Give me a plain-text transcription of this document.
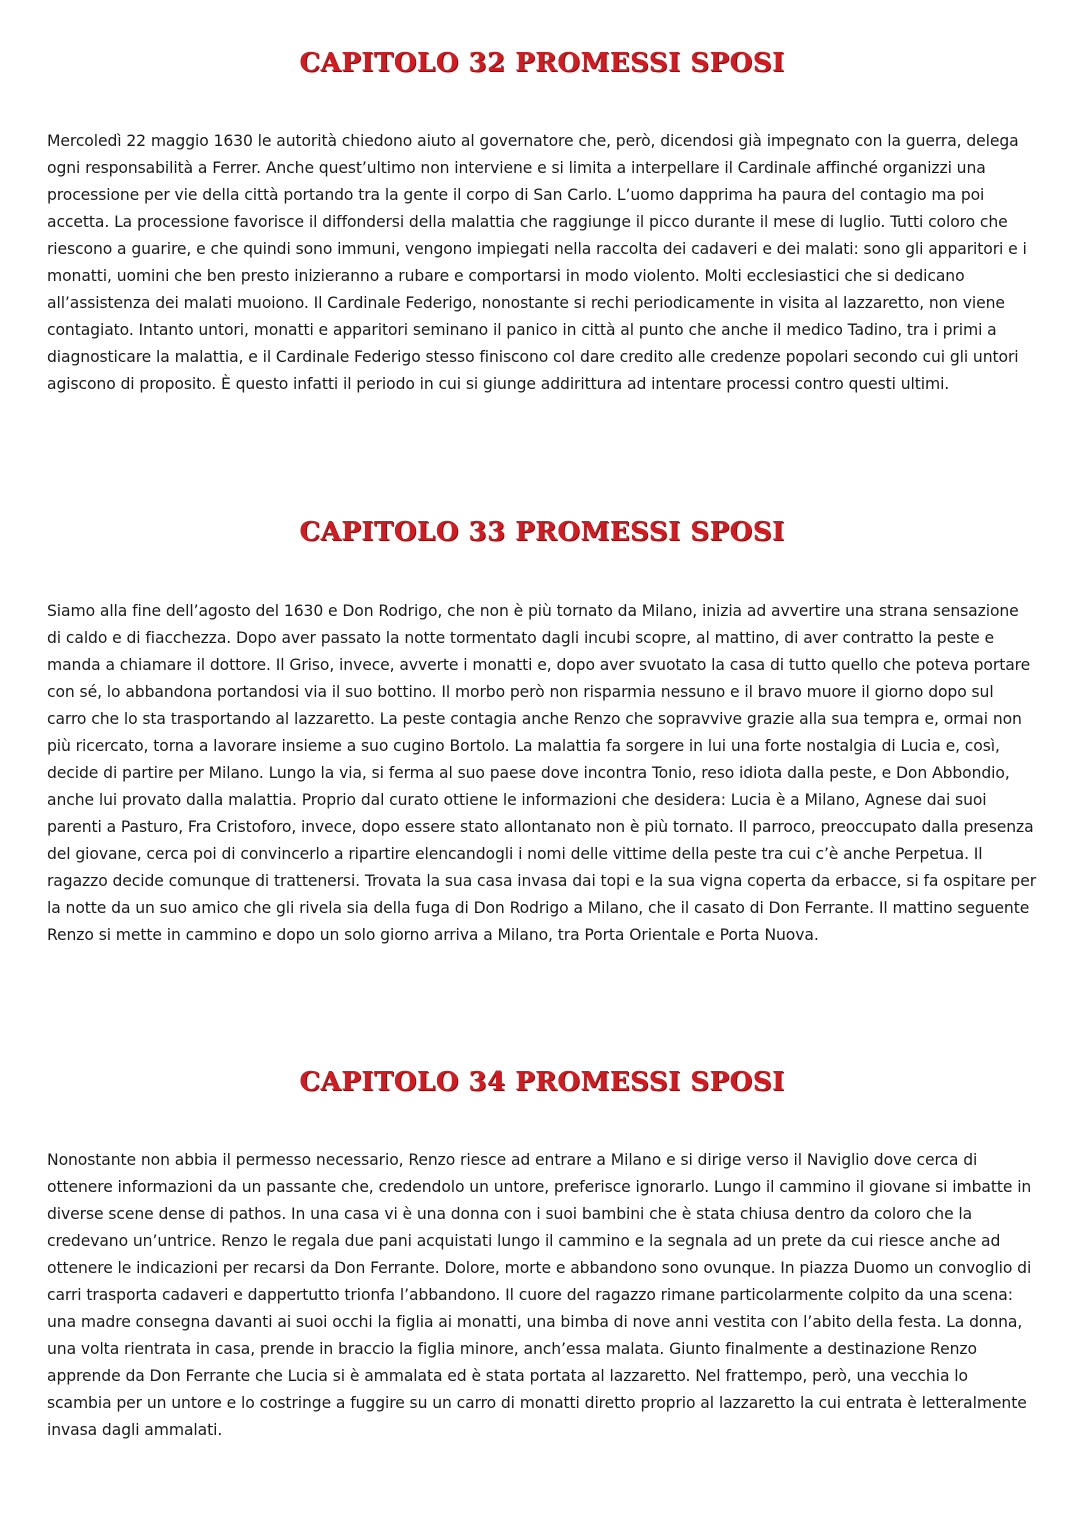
CAPITOLO 32 PROMESSI SPOSI

Mercoledì 22 maggio 1630 le autorità chiedono aiuto al governatore che, però, dicendosi già impegnato con la guerra, delega ogni responsabilità a Ferrer. Anche quest’ultimo non interviene e si limita a interpellare il Cardinale affinché organizzi una processione per vie della città portando tra la gente il corpo di San Carlo. L’uomo dapprima ha paura del contagio ma poi accetta. La processione favorisce il diffondersi della malattia che raggiunge il picco durante il mese di luglio. Tutti coloro che riescono a guarire, e che quindi sono immuni, vengono impiegati nella raccolta dei cadaveri e dei malati: sono gli apparitori e i monatti, uomini che ben presto inizieranno a rubare e comportarsi in modo violento. Molti ecclesiastici che si dedicano all’assistenza dei malati muoiono. Il Cardinale Federigo, nonostante si rechi periodicamente in visita al lazzaretto, non viene contagiato. Intanto untori, monatti e apparitori seminano il panico in città al punto che anche il medico Tadino, tra i primi a diagnosticare la malattia, e il Cardinale Federigo stesso finiscono col dare credito alle credenze popolari secondo cui gli untori agiscono di proposito. È questo infatti il periodo in cui si giunge addirittura ad intentare processi contro questi ultimi.

CAPITOLO 33 PROMESSI SPOSI

Siamo alla fine dell’agosto del 1630 e Don Rodrigo, che non è più tornato da Milano, inizia ad avvertire una strana sensazione di caldo e di fiacchezza. Dopo aver passato la notte tormentato dagli incubi scopre, al mattino, di aver contratto la peste e manda a chiamare il dottore. Il Griso, invece, avverte i monatti e, dopo aver svuotato la casa di tutto quello che poteva portare con sé, lo abbandona portandosi via il suo bottino. Il morbo però non risparmia nessuno e il bravo muore il giorno dopo sul carro che lo sta trasportando al lazzaretto. La peste contagia anche Renzo che sopravvive grazie alla sua tempra e, ormai non più ricercato, torna a lavorare insieme a suo cugino Bortolo. La malattia fa sorgere in lui una forte nostalgia di Lucia e, così, decide di partire per Milano. Lungo la via, si ferma al suo paese dove incontra Tonio, reso idiota dalla peste, e Don Abbondio, anche lui provato dalla malattia. Proprio dal curato ottiene le informazioni che desidera: Lucia è a Milano, Agnese dai suoi parenti a Pasturo, Fra Cristoforo, invece, dopo essere stato allontanato non è più tornato. Il parroco, preoccupato dalla presenza del giovane, cerca poi di convincerlo a ripartire elencandogli i nomi delle vittime della peste tra cui c’è anche Perpetua. Il ragazzo decide comunque di trattenersi. Trovata la sua casa invasa dai topi e la sua vigna coperta da erbacce, si fa ospitare per la notte da un suo amico che gli rivela sia della fuga di Don Rodrigo a Milano, che il casato di Don Ferrante. Il mattino seguente Renzo si mette in cammino e dopo un solo giorno arriva a Milano, tra Porta Orientale e Porta Nuova.

CAPITOLO 34 PROMESSI SPOSI

Nonostante non abbia il permesso necessario, Renzo riesce ad entrare a Milano e si dirige verso il Naviglio dove cerca di ottenere informazioni da un passante che, credendolo un untore, preferisce ignorarlo. Lungo il cammino il giovane si imbatte in diverse scene dense di pathos. In una casa vi è una donna con i suoi bambini che è stata chiusa dentro da coloro che la credevano un’untrice. Renzo le regala due pani acquistati lungo il cammino e la segnala ad un prete da cui riesce anche ad ottenere le indicazioni per recarsi da Don Ferrante. Dolore, morte e abbandono sono ovunque. In piazza Duomo un convoglio di carri trasporta cadaveri e dappertutto trionfa l’abbandono. Il cuore del ragazzo rimane particolarmente colpito da una scena: una madre consegna davanti ai suoi occhi la figlia ai monatti, una bimba di nove anni vestita con l’abito della festa. La donna, una volta rientrata in casa, prende in braccio la figlia minore, anch’essa malata. Giunto finalmente a destinazione Renzo apprende da Don Ferrante che Lucia si è ammalata ed è stata portata al lazzaretto. Nel frattempo, però, una vecchia lo scambia per un untore e lo costringe a fuggire su un carro di monatti diretto proprio al lazzaretto la cui entrata è letteralmente invasa dagli ammalati.
